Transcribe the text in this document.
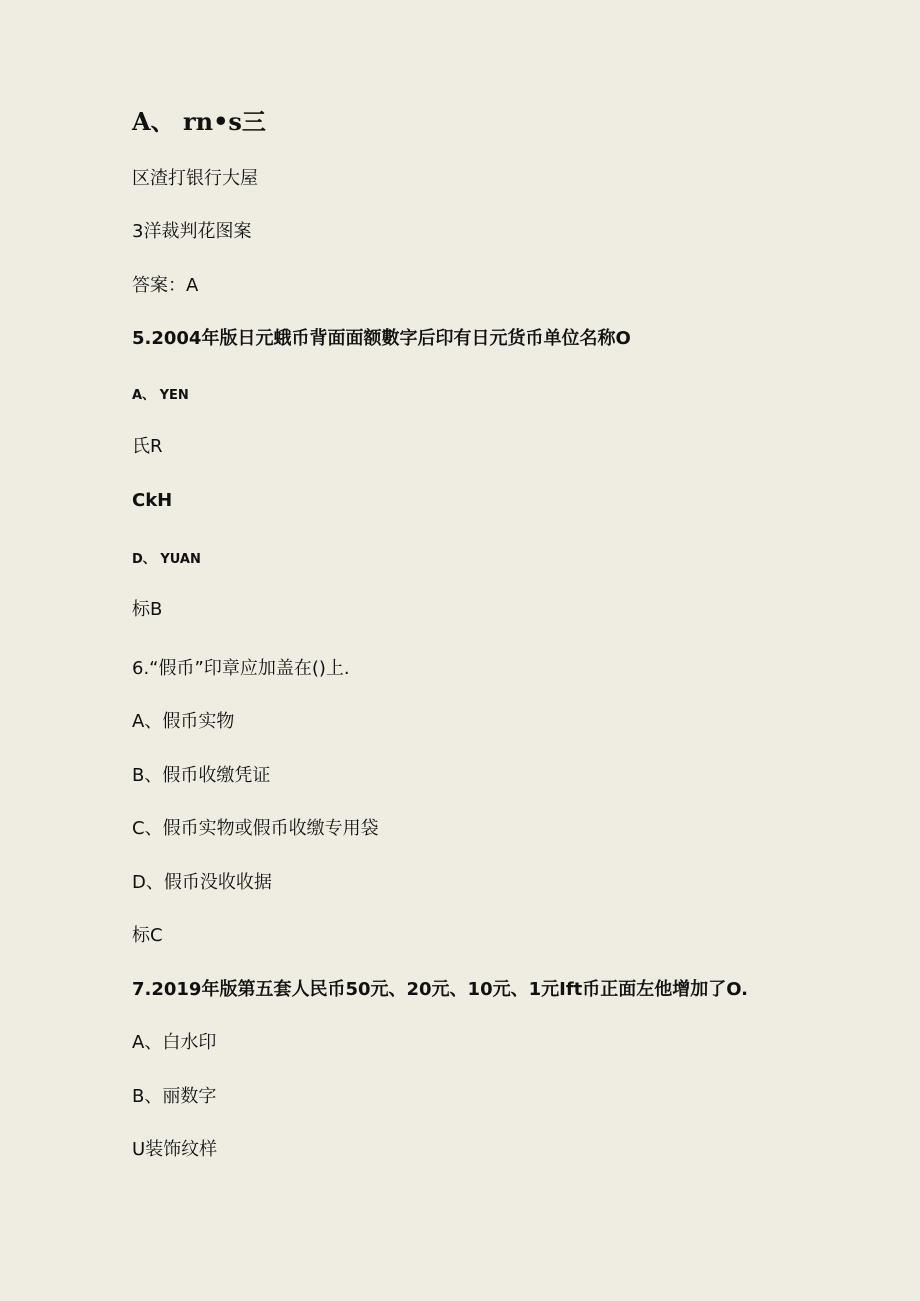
A、 rn•s三
区渣打银行大屋
3洋裁判花图案
答案：A
5.2004年版日元蛾币背面面额數字后印有日元货币单位名称O
A、 YEN
氏R
CkH
D、 YUAN
标B
6.“假币”印章应加盖在()上.
A、假币实物
B、假币收缴凭证
C、假币实物或假币收缴专用袋
D、假币没收收据
标C
7.2019年版第五套人民币50元、20元、10元、1元Ift币正面左他增加了O.
A、白水印
B、丽数字
U装饰纹样
